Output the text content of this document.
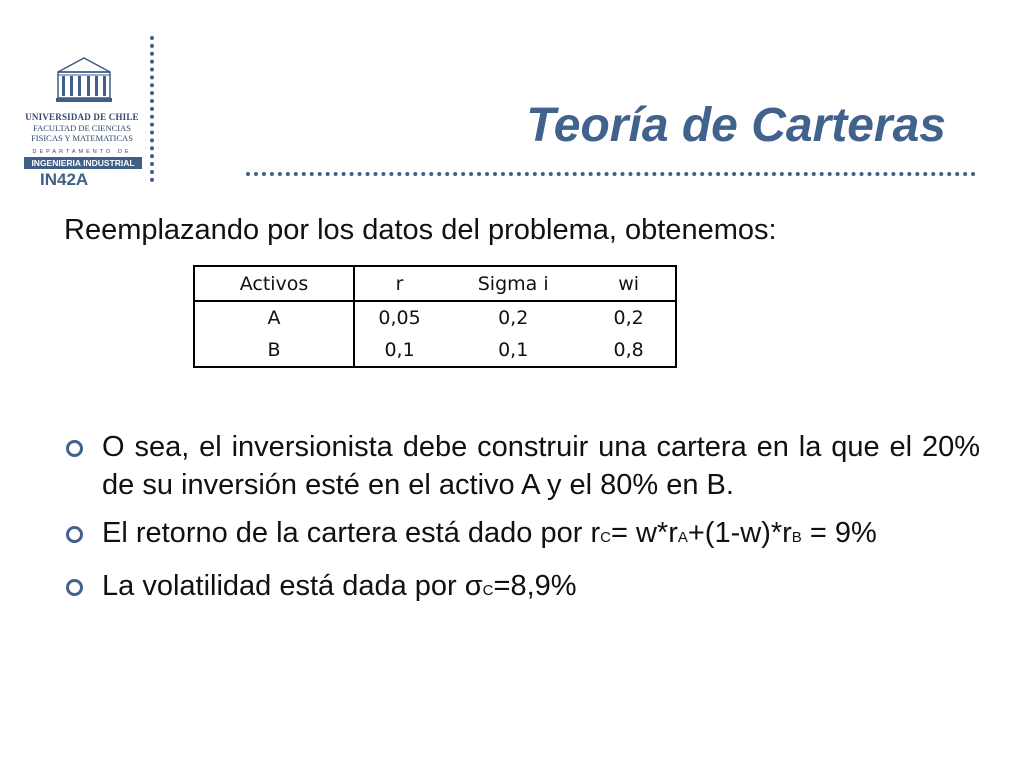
UNIVERSIDAD DE CHILE
FACULTAD DE CIENCIAS
FISICAS Y MATEMATICAS
DEPARTAMENTO DE
INGENIERIA INDUSTRIAL
IN42A
Teoría de Carteras
Reemplazando por los datos del problema, obtenemos:
Activos	r	Sigma i	wi
A	0,05	0,2	0,2
B	0,1	0,1	0,8
O sea, el inversionista debe construir una cartera en la que el 20% de su inversión esté en el activo A y el 80% en B.
El retorno de la cartera está dado por rC= w*rA+(1-w)*rB = 9%
La volatilidad está dada por σC=8,9%
